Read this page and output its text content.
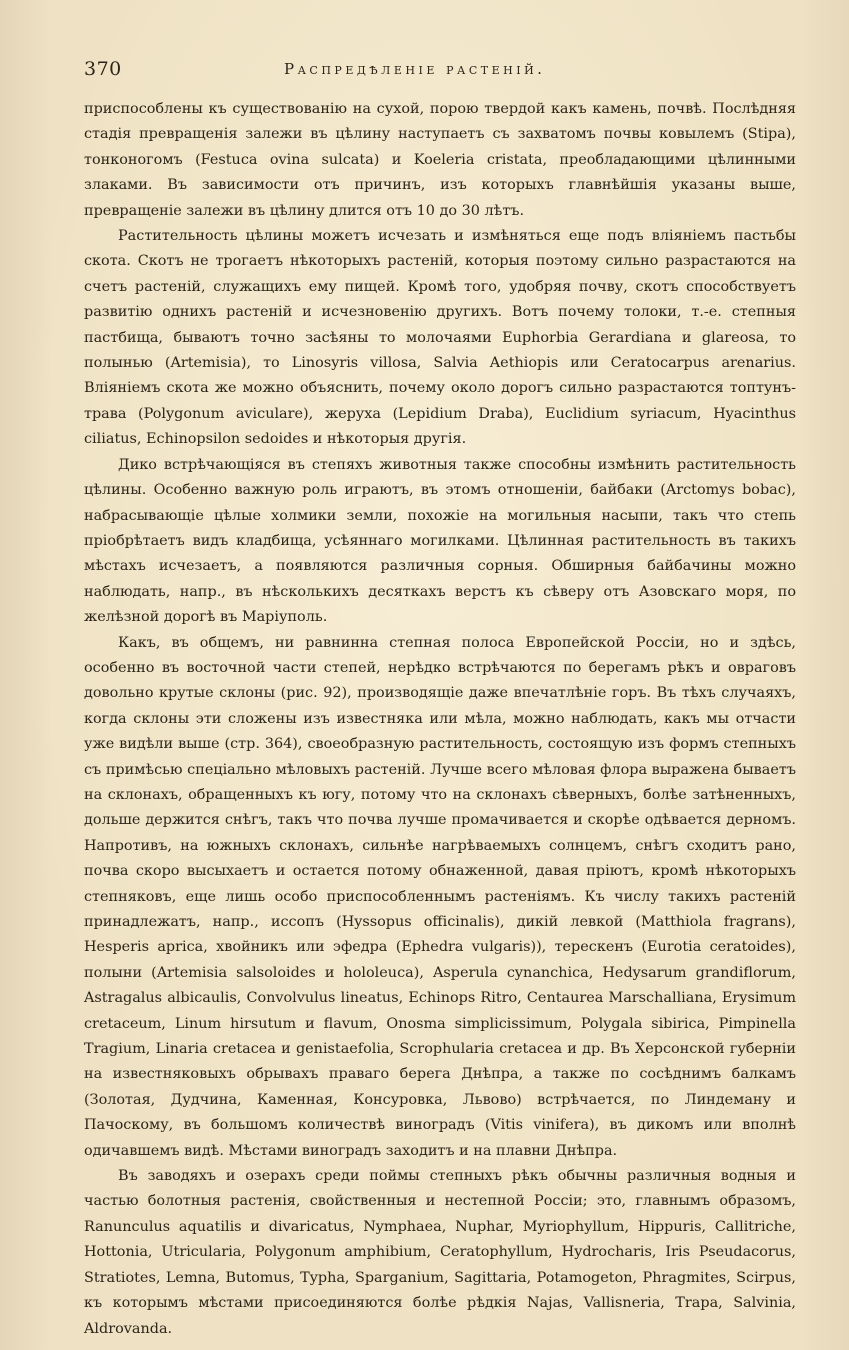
370	Распредѣленіе растеній.

приспособлены къ существованію на сухой, порою твердой какъ камень, почвѣ. Послѣдняя стадія превращенія залежи въ цѣлину наступаетъ съ захватомъ почвы ковылемъ (Stipa), тонконогомъ (Festuca ovina sulcata) и Koeleria cristata, преобладающими цѣлинными злаками. Въ зависимости отъ причинъ, изъ которыхъ главнѣйшія указаны выше, превращеніе залежи въ цѣлину длится отъ 10 до 30 лѣтъ.

Растительность цѣлины можетъ исчезать и измѣняться еще подъ вліяніемъ пастьбы скота. Скотъ не трогаетъ нѣкоторыхъ растеній, которыя поэтому сильно разрастаются на счетъ растеній, служащихъ ему пищей. Кромѣ того, удобряя почву, скотъ способствуетъ развитію однихъ растеній и исчезновенію другихъ. Вотъ почему толоки, т.-е. степныя пастбища, бываютъ точно засѣяны то молочаями Euphorbia Gerardiana и glareosa, то полынью (Artemisia), то Linosyris villosa, Salvia Aethiopis или Ceratocarpus arenarius. Вліяніемъ скота же можно объяснить, почему около дорогъ сильно разрастаются топтунъ-трава (Polygonum aviculare), жеруха (Lepidium Draba), Euclidium syriacum, Hyacinthus ciliatus, Echinopsilon sedoides и нѣкоторыя другія.

Дико встрѣчающіяся въ степяхъ животныя также способны измѣнить растительность цѣлины. Особенно важную роль играютъ, въ этомъ отношеніи, байбаки (Arctomys bobac), набрасывающіе цѣлые холмики земли, похожіе на могильныя насыпи, такъ что степь пріобрѣтаетъ видъ кладбища, усѣяннаго могилками. Цѣлинная растительность въ такихъ мѣстахъ исчезаетъ, а появляются различныя сорныя. Обширныя байбачины можно наблюдать, напр., въ нѣсколькихъ десяткахъ верстъ къ сѣверу отъ Азовскаго моря, по желѣзной дорогѣ въ Маріуполь.

Какъ, въ общемъ, ни равнинна степная полоса Европейской Россіи, но и здѣсь, особенно въ восточной части степей, нерѣдко встрѣчаются по берегамъ рѣкъ и овраговъ довольно крутые склоны (рис. 92), производящіе даже впечатлѣніе горъ. Въ тѣхъ случаяхъ, когда склоны эти сложены изъ известняка или мѣла, можно наблюдать, какъ мы отчасти уже видѣли выше (стр. 364), своеобразную растительность, состоящую изъ формъ степныхъ съ примѣсью спеціально мѣловыхъ растеній. Лучше всего мѣловая флора выражена бываетъ на склонахъ, обращенныхъ къ югу, потому что на склонахъ сѣверныхъ, болѣе затѣненныхъ, дольше держится снѣгъ, такъ что почва лучше промачивается и скорѣе одѣвается дерномъ. Напротивъ, на южныхъ склонахъ, сильнѣе нагрѣваемыхъ солнцемъ, снѣгъ сходитъ рано, почва скоро высыхаетъ и остается потому обнаженной, давая пріютъ, кромѣ нѣкоторыхъ степняковъ, еще лишь особо приспособленнымъ растеніямъ. Къ числу такихъ растеній принадлежатъ, напр., иссопъ (Hyssopus officinalis), дикій левкой (Matthiola fragrans), Hesperis aprica, хвойникъ или эфедра (Ephedra vulgaris)), терескенъ (Eurotia ceratoides), полыни (Artemisia salsoloides и hololeuca), Asperula cynanchica, Hedysarum grandiflorum, Astragalus albicaulis, Convolvulus lineatus, Echinops Ritro, Centaurea Marschalliana, Erysimum cretaceum, Linum hirsutum и flavum, Onosma simplicissimum, Polygala sibirica, Pimpinella Tragium, Linaria cretacea и genistaefolia, Scrophularia cretacea и др. Въ Херсонской губерніи на известняковыхъ обрывахъ праваго берега Днѣпра, а также по сосѣднимъ балкамъ (Золотая, Дудчина, Каменная, Консуровка, Львово) встрѣчается, по Линдеману и Пачоскому, въ большомъ количествѣ виноградъ (Vitis vinifera), въ дикомъ или вполнѣ одичавшемъ видѣ. Мѣстами виноградъ заходитъ и на плавни Днѣпра.

Въ заводяхъ и озерахъ среди поймы степныхъ рѣкъ обычны различныя водныя и частью болотныя растенія, свойственныя и нестепной Россіи; это, главнымъ образомъ, Ranunculus aquatilis и divaricatus, Nymphaea, Nuphar, Myriophyllum, Hippuris, Callitriche, Hottonia, Utricularia, Polygonum amphibium, Ceratophyllum, Hydrocharis, Iris Pseudacorus, Stratiotes, Lemna, Butomus, Typha, Sparganium, Sagittaria, Potamogeton, Phragmites, Scirpus, къ которымъ мѣстами присоединяются болѣе рѣдкія Najas, Vallisneria, Trapa, Salvinia, Aldrovanda.
